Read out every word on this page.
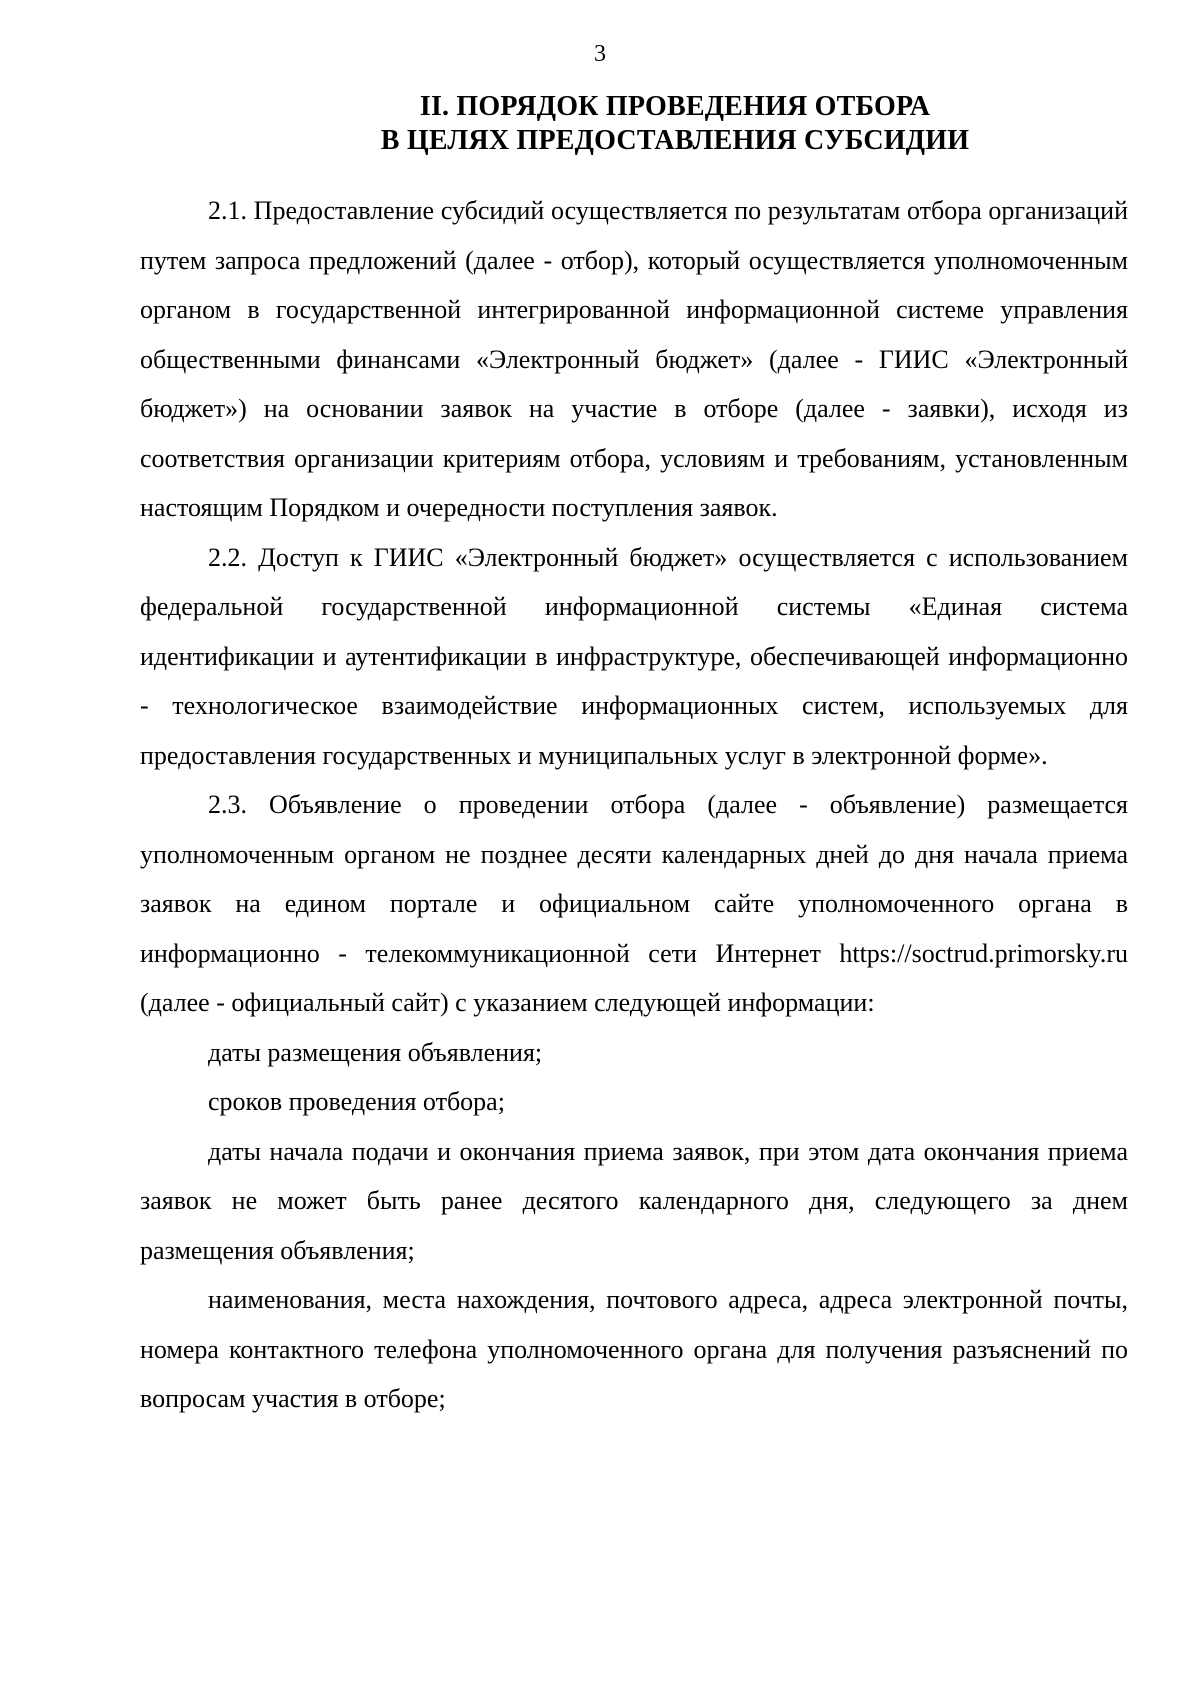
3
II. ПОРЯДОК ПРОВЕДЕНИЯ ОТБОРА
В ЦЕЛЯХ ПРЕДОСТАВЛЕНИЯ СУБСИДИИ

2.1. Предоставление субсидий осуществляется по результатам отбора организаций путем запроса предложений (далее - отбор), который осуществляется уполномоченным органом в государственной интегрированной информационной системе управления общественными финансами «Электронный бюджет» (далее - ГИИС «Электронный бюджет») на основании заявок на участие в отборе (далее - заявки), исходя из соответствия организации критериям отбора, условиям и требованиям, установленным настоящим Порядком и очередности поступления заявок.

2.2. Доступ к ГИИС «Электронный бюджет» осуществляется с использованием федеральной государственной информационной системы «Единая система идентификации и аутентификации в инфраструктуре, обеспечивающей информационно - технологическое взаимодействие информационных систем, используемых для предоставления государственных и муниципальных услуг в электронной форме».

2.3. Объявление о проведении отбора (далее - объявление) размещается уполномоченным органом не позднее десяти календарных дней до дня начала приема заявок на едином портале и официальном сайте уполномоченного органа в информационно - телекоммуникационной сети Интернет https://soctrud.primorsky.ru (далее - официальный сайт) с указанием следующей информации:

даты размещения объявления;

сроков проведения отбора;

даты начала подачи и окончания приема заявок, при этом дата окончания приема заявок не может быть ранее десятого календарного дня, следующего за днем размещения объявления;

наименования, места нахождения, почтового адреса, адреса электронной почты, номера контактного телефона уполномоченного органа для получения разъяснений по вопросам участия в отборе;
